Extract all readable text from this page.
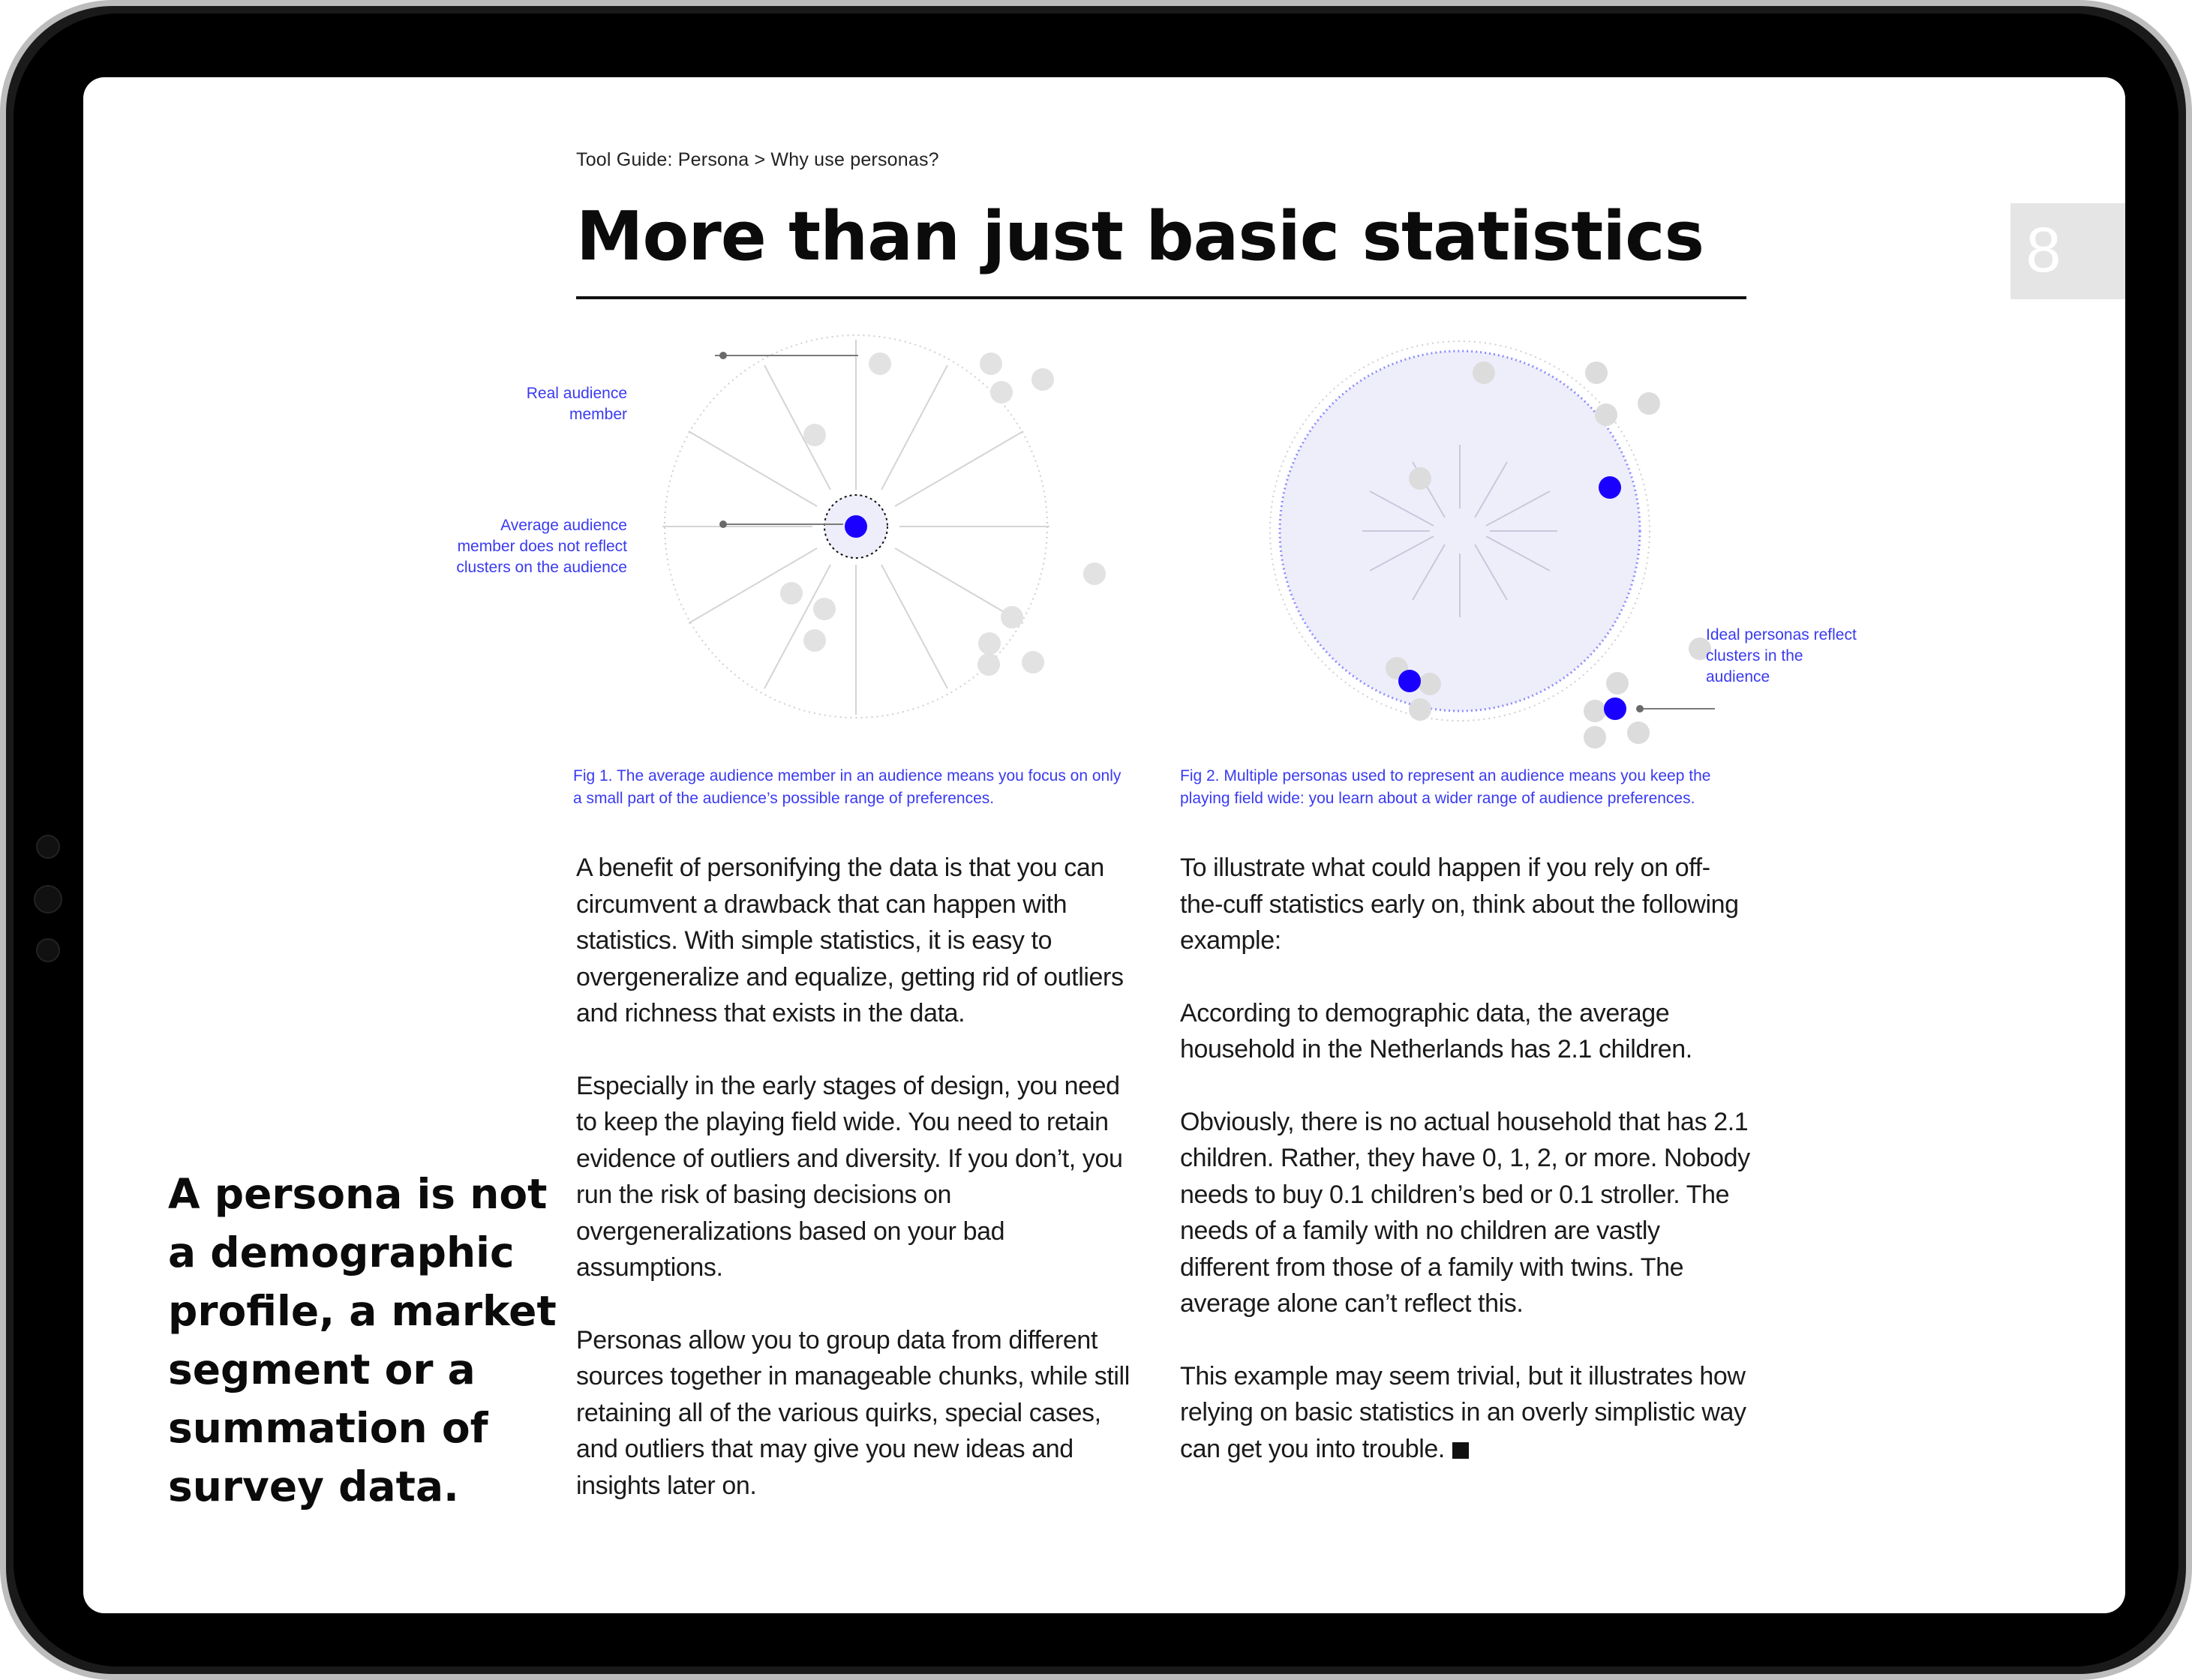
Tool Guide: Persona > Why use personas?
More than just basic statistics	8
Real audience member
Average audience member does not reflect clusters on the audience
Ideal personas reflect clusters in the audience
Fig 1. The average audience member in an audience means you focus on only a small part of the audience’s possible range of preferences.
Fig 2. Multiple personas used to represent an audience means you keep the playing field wide: you learn about a wider range of audience preferences.

A benefit of personifying the data is that you can circumvent a drawback that can happen with statistics. With simple statistics, it is easy to overgeneralize and equalize, getting rid of outliers and richness that exists in the data.

Especially in the early stages of design, you need to keep the playing field wide. You need to retain evidence of outliers and diversity. If you don’t, you run the risk of basing decisions on overgeneralizations based on your bad assumptions.

Personas allow you to group data from different sources together in manageable chunks, while still retaining all of the various quirks, special cases, and outliers that may give you new ideas and insights later on.

To illustrate what could happen if you rely on off-the-cuff statistics early on, think about the following example:

According to demographic data, the average household in the Netherlands has 2.1 children.

Obviously, there is no actual household that has 2.1 children. Rather, they have 0, 1, 2, or more. Nobody needs to buy 0.1 children’s bed or 0.1 stroller. The needs of a family with no children are vastly different from those of a family with twins. The average alone can’t reflect this.

This example may seem trivial, but it illustrates how relying on basic statistics in an overly simplistic way can get you into trouble.

A persona is not a demographic profile, a market segment or a summation of survey data.
